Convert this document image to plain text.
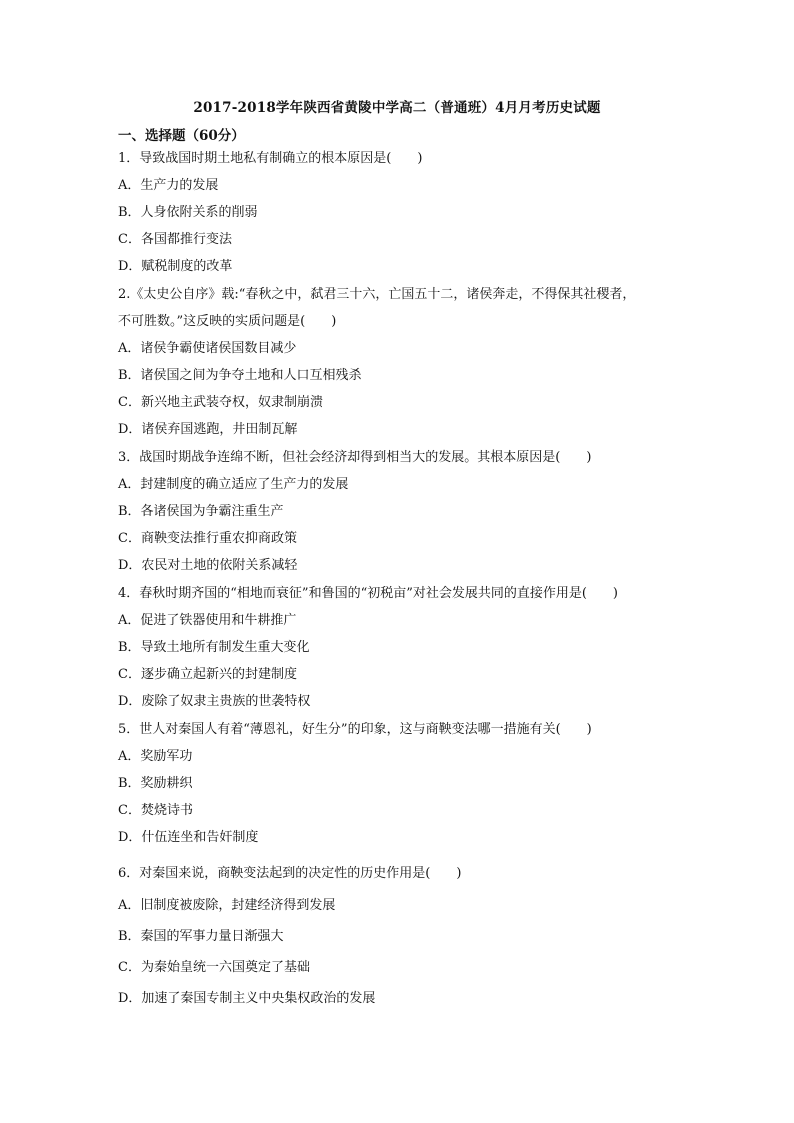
2017-2018学年陕西省黄陵中学高二（普通班）4月月考历史试题
一、选择题（60分）
1．导致战国时期土地私有制确立的根本原因是(　　)
A．生产力的发展
B．人身依附关系的削弱
C．各国都推行变法
D．赋税制度的改革
2.《太史公自序》载:“春秋之中，弑君三十六，亡国五十二，诸侯奔走，不得保其社稷者，
不可胜数。”这反映的实质问题是(　　)
A．诸侯争霸使诸侯国数目减少
B．诸侯国之间为争夺土地和人口互相残杀
C．新兴地主武装夺权，奴隶制崩溃
D．诸侯弃国逃跑，井田制瓦解
3．战国时期战争连绵不断，但社会经济却得到相当大的发展。其根本原因是(　　)
A．封建制度的确立适应了生产力的发展
B．各诸侯国为争霸注重生产
C．商鞅变法推行重农抑商政策
D．农民对土地的依附关系减轻
4．春秋时期齐国的“相地而衰征”和鲁国的“初税亩”对社会发展共同的直接作用是(　　)
A．促进了铁器使用和牛耕推广
B．导致土地所有制发生重大变化
C．逐步确立起新兴的封建制度
D．废除了奴隶主贵族的世袭特权
5．世人对秦国人有着“薄恩礼，好生分”的印象，这与商鞅变法哪一措施有关(　　)
A．奖励军功
B．奖励耕织
C．焚烧诗书
D．什伍连坐和告奸制度
6．对秦国来说，商鞅变法起到的决定性的历史作用是(　　)
A．旧制度被废除，封建经济得到发展
B．秦国的军事力量日渐强大
C．为秦始皇统一六国奠定了基础
D．加速了秦国专制主义中央集权政治的发展
